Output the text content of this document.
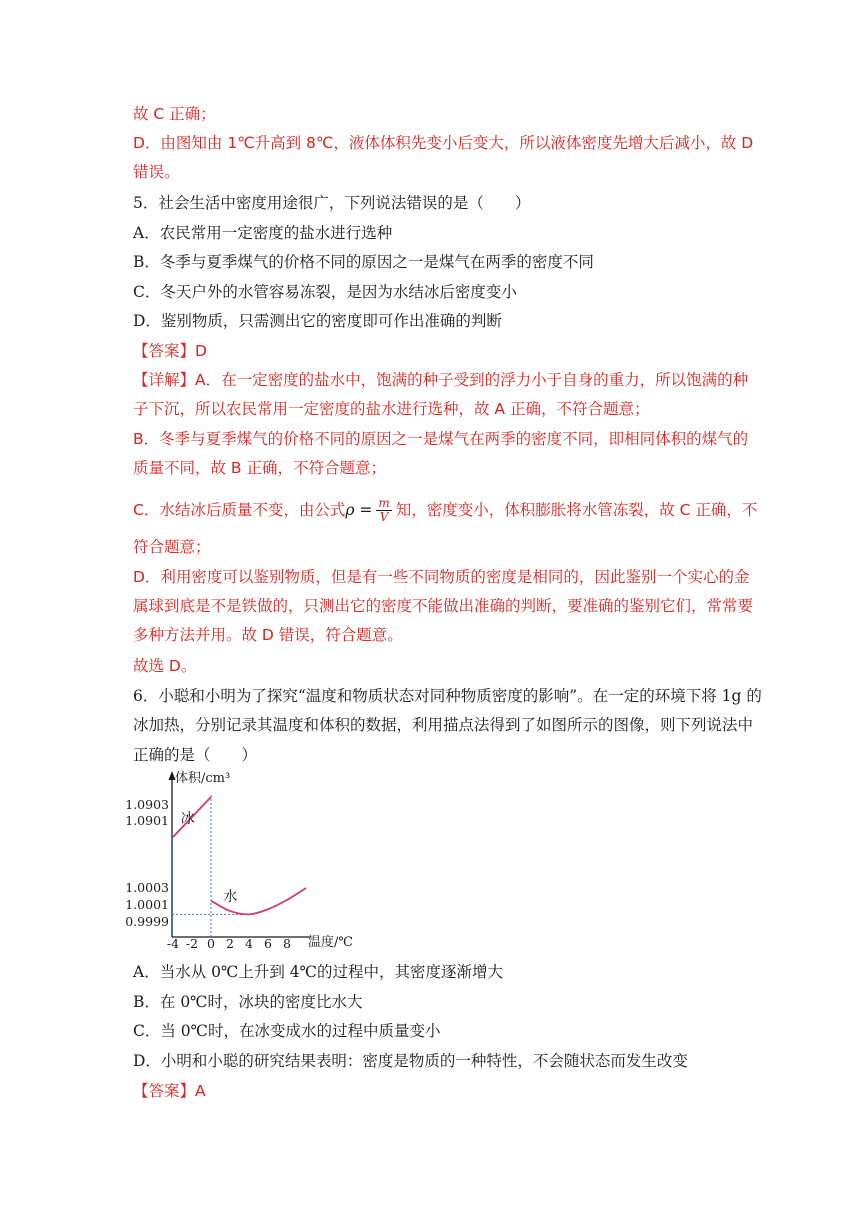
故 C 正确；
D．由图知由 1℃升高到 8℃，液体体积先变小后变大，所以液体密度先增大后减小，故 D
错误。
5．社会生活中密度用途很广，下列说法错误的是（　　）
A．农民常用一定密度的盐水进行选种
B．冬季与夏季煤气的价格不同的原因之一是煤气在两季的密度不同
C．冬天户外的水管容易冻裂，是因为水结冰后密度变小
D．鉴别物质，只需测出它的密度即可作出准确的判断
【答案】D
【详解】A．在一定密度的盐水中，饱满的种子受到的浮力小于自身的重力，所以饱满的种
子下沉，所以农民常用一定密度的盐水进行选种，故 A 正确，不符合题意；
B．冬季与夏季煤气的价格不同的原因之一是煤气在两季的密度不同，即相同体积的煤气的
质量不同，故 B 正确，不符合题意；
C．水结冰后质量不变，由公式$\rho = \frac{m}{V}$ 知，密度变小，体积膨胀将水管冻裂，故 C 正确，不
符合题意；
D．利用密度可以鉴别物质，但是有一些不同物质的密度是相同的，因此鉴别一个实心的金
属球到底是不是铁做的，只测出它的密度不能做出准确的判断，要准确的鉴别它们，常常要
多种方法并用。故 D 错误，符合题意。
故选 D。
6．小聪和小明为了探究“温度和物质状态对同种物质密度的影响”。在一定的环境下将 1g 的
冰加热，分别记录其温度和体积的数据，利用描点法得到了如图所示的图像，则下列说法中
正确的是（　　）
体积/cm³
温度/℃
1.0903
1.0901
1.0003
1.0001
0.9999
-4 -2 0 2 4 6 8
冰
水
A．当水从 0℃上升到 4℃的过程中，其密度逐渐增大
B．在 0℃时，冰块的密度比水大
C．当 0℃时，在冰变成水的过程中质量变小
D．小明和小聪的研究结果表明：密度是物质的一种特性，不会随状态而发生改变
【答案】A
